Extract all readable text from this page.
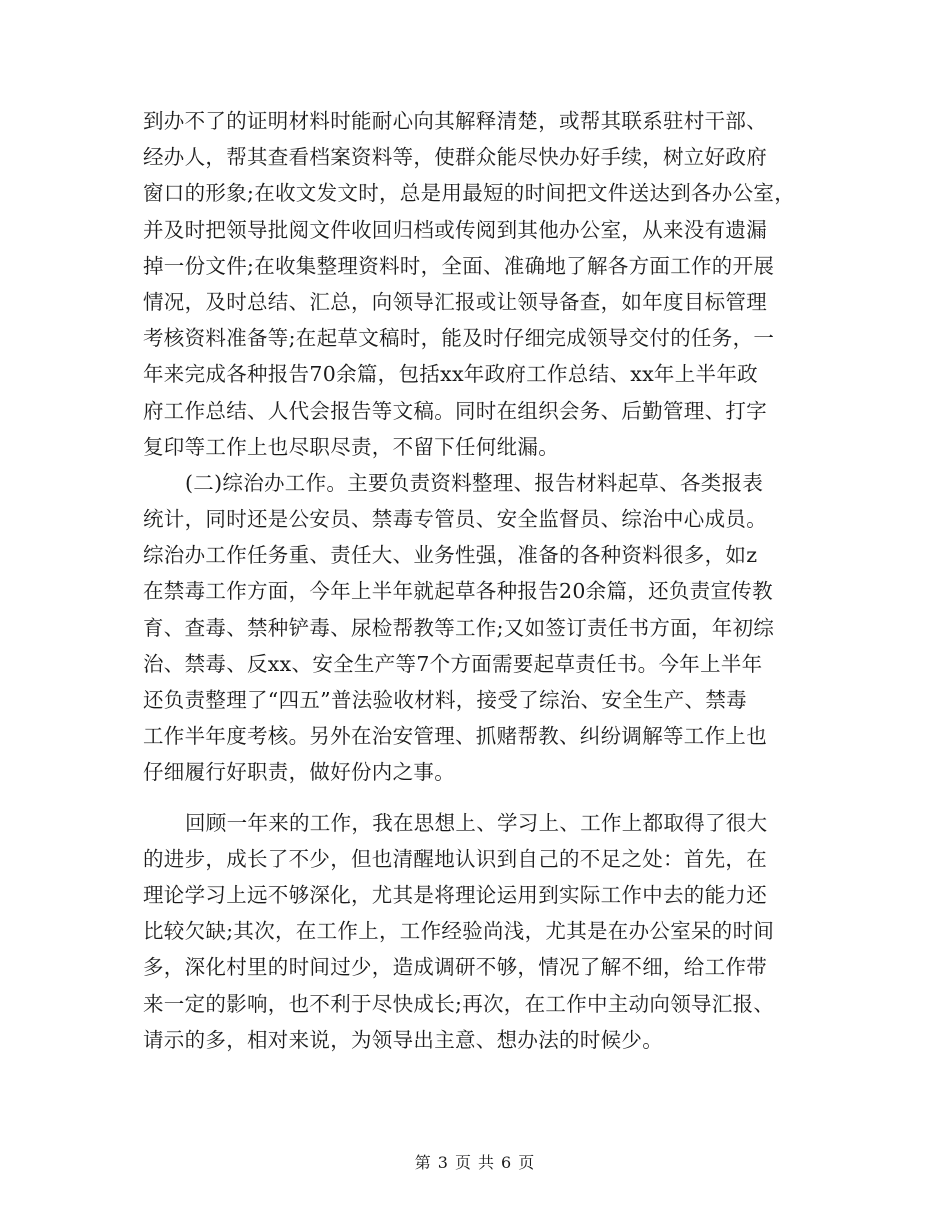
到办不了的证明材料时能耐心向其解释清楚，或帮其联系驻村干部、
经办人，帮其查看档案资料等，使群众能尽快办好手续，树立好政府
窗口的形象;在收文发文时，总是用最短的时间把文件送达到各办公室，
并及时把领导批阅文件收回归档或传阅到其他办公室，从来没有遗漏
掉一份文件;在收集整理资料时，全面、准确地了解各方面工作的开展
情况，及时总结、汇总，向领导汇报或让领导备查，如年度目标管理
考核资料准备等;在起草文稿时，能及时仔细完成领导交付的任务，一
年来完成各种报告70余篇，包括xx年政府工作总结、xx年上半年政
府工作总结、人代会报告等文稿。同时在组织会务、后勤管理、打字
复印等工作上也尽职尽责，不留下任何纰漏。
(二)综治办工作。主要负责资料整理、报告材料起草、各类报表
统计，同时还是公安员、禁毒专管员、安全监督员、综治中心成员。
综治办工作任务重、责任大、业务性强，准备的各种资料很多，如z
在禁毒工作方面，今年上半年就起草各种报告20余篇，还负责宣传教
育、查毒、禁种铲毒、尿检帮教等工作;又如签订责任书方面，年初综
治、禁毒、反xx、安全生产等7个方面需要起草责任书。今年上半年
还负责整理了“四五”普法验收材料，接受了综治、安全生产、禁毒
工作半年度考核。另外在治安管理、抓赌帮教、纠纷调解等工作上也
仔细履行好职责，做好份内之事。
回顾一年来的工作，我在思想上、学习上、工作上都取得了很大
的进步，成长了不少，但也清醒地认识到自己的不足之处：首先，在
理论学习上远不够深化，尤其是将理论运用到实际工作中去的能力还
比较欠缺;其次，在工作上，工作经验尚浅，尤其是在办公室呆的时间
多，深化村里的时间过少，造成调研不够，情况了解不细，给工作带
来一定的影响，也不利于尽快成长;再次，在工作中主动向领导汇报、
请示的多，相对来说，为领导出主意、想办法的时候少。
第 3 页 共 6 页
